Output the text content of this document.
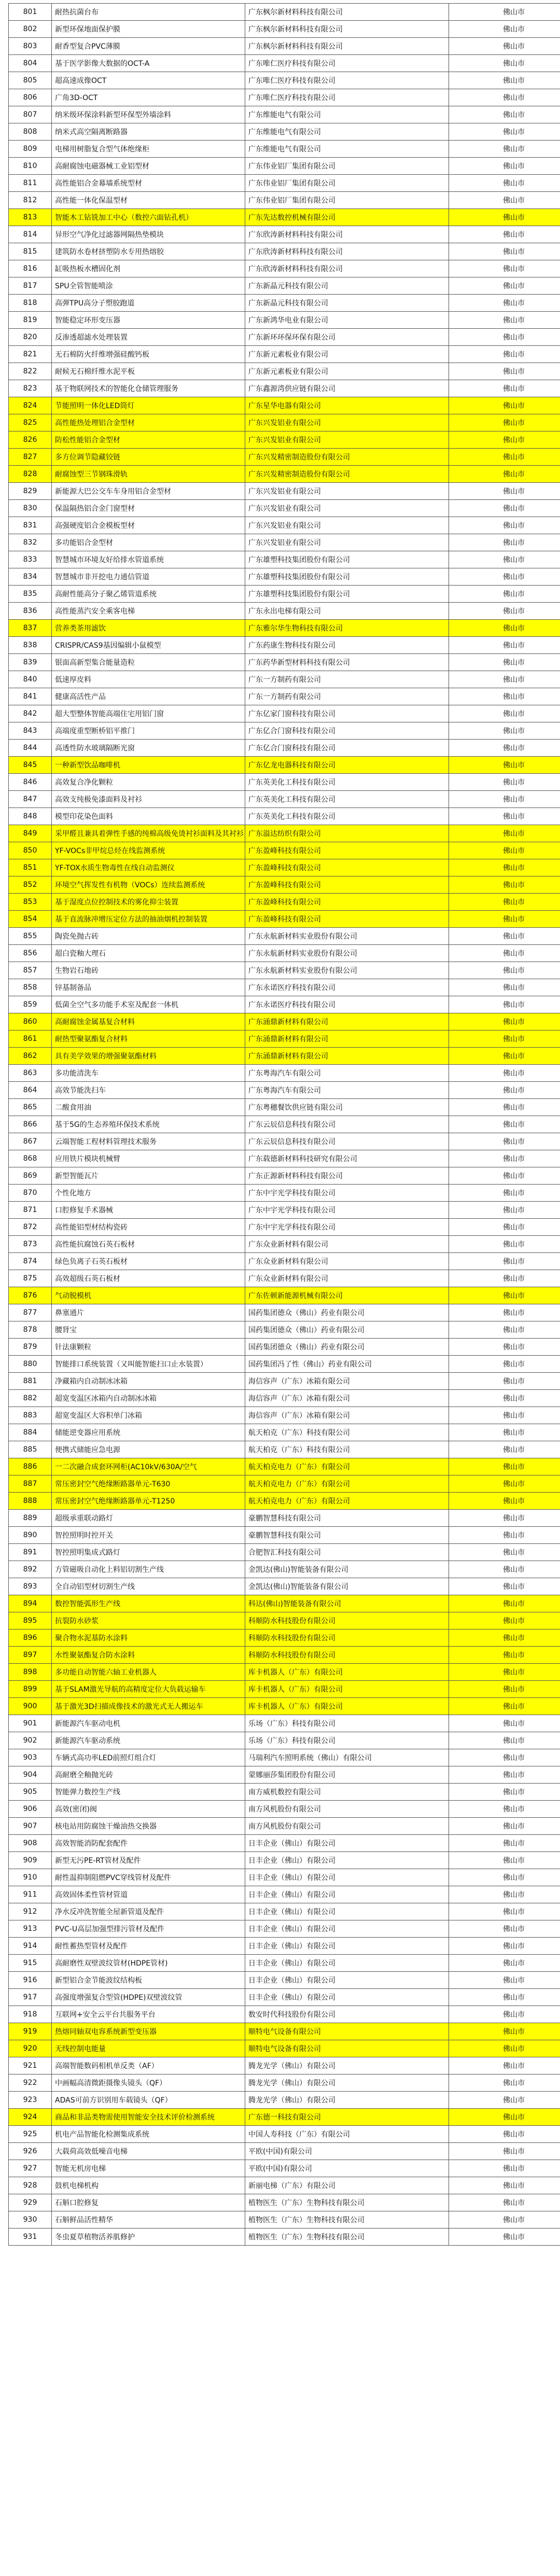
801	耐热抗菌台布	广东枫尔新材料科技有限公司	佛山市
802	新型环保地面保护膜	广东枫尔新材料科技有限公司	佛山市
803	耐香型复合PVC薄膜	广东枫尔新材料科技有限公司	佛山市
804	基于医学影像大数据的OCT-A	广东唯仁医疗科技有限公司	佛山市
805	超高速成像OCT	广东唯仁医疗科技有限公司	佛山市
806	广角3D-OCT	广东唯仁医疗科技有限公司	佛山市
807	纳米级环保涂料新型环保型外墙涂料	广东维能电气有限公司	佛山市
808	纳米式高空隔离断路器	广东维能电气有限公司	佛山市
809	电梯用树脂复合型气体绝缘柜	广东维能电气有限公司	佛山市
810	高耐腐蚀电磁器械工业铝型材	广东伟业铝厂集团有限公司	佛山市
811	高性能铝合金幕墙系统型材	广东伟业铝厂集团有限公司	佛山市
812	高性能一体化保温型材	广东伟业铝厂集团有限公司	佛山市
813	智能木工钻铣加工中心（数控六面钻孔机）	广东先达数控机械有限公司	佛山市
814	异形空气净化过滤器网隔热垫模块	广东欣涛新材料科技有限公司	佛山市
815	建筑防水卷材挤塑防水专用热熔胶	广东欣涛新材料科技有限公司	佛山市
816	缸吸热板水槽固化剂	广东欣涛新材料科技有限公司	佛山市
817	SPU全管智能喷涂	广东新晶元科技有限公司	佛山市
818	高弹TPU高分子塑胶跑道	广东新晶元科技有限公司	佛山市
819	智能稳定环形变压器	广东新鸿华电业有限公司	佛山市
820	反渗透超滤水处理装置	广东新环环保环保有限公司	佛山市
821	无石棉防火纤维增强硅酸钙板	广东新元素板业有限公司	佛山市
822	耐候无石棉纤维水泥平板	广东新元素板业有限公司	佛山市
823	基于物联网技术的智能化仓储管理服务	广东鑫源湾供应链有限公司	佛山市
824	节能照明一体化LED筒灯	广东星华电器有限公司	佛山市
825	高性能热处理铝合金型材	广东兴发铝业有限公司	佛山市
826	防松性能铝合金型材	广东兴发铝业有限公司	佛山市
827	多方位调节隐藏铰链	广东兴发精密制造股份有限公司	佛山市
828	耐腐蚀型三节钢珠滑轨	广东兴发精密制造股份有限公司	佛山市
829	新能源大巴公交车车身用铝合金型材	广东兴发铝业有限公司	佛山市
830	保温隔热铝合金门窗型材	广东兴发铝业有限公司	佛山市
831	高强硬度铝合金模板型材	广东兴发铝业有限公司	佛山市
832	多功能铝合金型材	广东兴发铝业有限公司	佛山市
833	智慧城市环境友好给排水管道系统	广东雄塑科技集团股份有限公司	佛山市
834	智慧城市非开挖电力通信管道	广东雄塑科技集团股份有限公司	佛山市
835	高耐性能高分子聚乙烯管道系统	广东雄塑科技集团股份有限公司	佛山市
836	高性能蒸汽安全乘客电梯	广东永出电梯有限公司	佛山市
837	营养类茶用滤饮	广东雅尔华生物科技有限公司	佛山市
838	CRISPR/CAS9基因编辑小鼠模型	广东药康生物科技有限公司	佛山市
839	银面高新型集合能量造粒	广东药华新型材料科技有限公司	佛山市
840	低速厚皮料	广东一方制药有限公司	佛山市
841	健康高活性产品	广东一方制药有限公司	佛山市
842	超大型整体智能高端住宅用铝门窗	广东亿家门窗科技有限公司	佛山市
843	高端度重型断桥铝平推门	广东亿合门窗科技有限公司	佛山市
844	高透性防水玻璃隔断光窗	广东亿合门窗科技有限公司	佛山市
845	一种新型饮品咖啡机	广东亿龙电器科技有限公司	佛山市
846	高效复合净化颗粒	广东英美化工科技有限公司	佛山市
847	高效支纯极免漆面料及衬衫	广东英美化工科技有限公司	佛山市
848	模型印花染色面料	广东英美化工科技有限公司	佛山市
849	采甲醛且兼具着弹性手感的纯棉高级免烫衬衫面料及其衬衫	广东溢达纺织有限公司	佛山市
850	YF-VOCs非甲烷总烃在线监测系统	广东盈峰科技有限公司	佛山市
851	YF-TOX水质生物毒性在线自动监测仪	广东盈峰科技有限公司	佛山市
852	环境空气挥发性有机物（VOCs）连续监测系统	广东盈峰科技有限公司	佛山市
853	基于湿度点位控制技术的雾化抑尘装置	广东盈峰科技有限公司	佛山市
854	基于直流脉冲增压定位方法的抽油烟机控制装置	广东盈峰科技有限公司	佛山市
855	陶瓷免抛古砖	广东永航新材料实业股份有限公司	佛山市
856	超白瓷釉大理石	广东永航新材料实业股份有限公司	佛山市
857	生物岩石地砖	广东永航新材料实业股份有限公司	佛山市
858	锌基制备品	广东永诺医疗科技有限公司	佛山市
859	低菌全空气多功能手术室及配套一体机	广东永诺医疗科技有限公司	佛山市
860	高耐腐蚀金属基复合材料	广东涌鼎新材料有限公司	佛山市
861	耐热型聚氨酯复合材料	广东涌鼎新材料有限公司	佛山市
862	具有美学效果的增强聚氨酯材料	广东涌鼎新材料有限公司	佛山市
863	多功能清洗车	广东粤海汽车有限公司	佛山市
864	高效节能洗扫车	广东粤海汽车有限公司	佛山市
865	二酸食用油	广东粤穗餐饮供应链有限公司	佛山市
866	基于5G的生态养殖环保技术系统	广东云辰信息科技有限公司	佛山市
867	云端智能工程材料管理技术服务	广东云辰信息科技有限公司	佛山市
868	应用铁片模块机械臂	广东载德新材料科技研究有限公司	佛山市
869	新型智能瓦片	广东正源新材料科技有限公司	佛山市
870	个性化地方	广东中宇光学科技有限公司	佛山市
871	口腔修复手术器械	广东中宇光学科技有限公司	佛山市
872	高性能铝型材结构瓷砖	广东中宇光学科技有限公司	佛山市
873	高性能抗腐蚀石英石板材	广东众业新材料有限公司	佛山市
874	绿色负离子石英石板材	广东众业新材料有限公司	佛山市
875	高效超级石英石板材	广东众业新材料有限公司	佛山市
876	气动脱模机	广东佐顿新能源机械有限公司	佛山市
877	鼻塞通片	国药集团德众（佛山）药业有限公司	佛山市
878	腰肾宝	国药集团德众（佛山）药业有限公司	佛山市
879	针法康颗粒	国药集团德众（佛山）药业有限公司	佛山市
880	智能排口系统装置（又叫能智能扫口止水装置）	国药集团冯了性（佛山）药业有限公司	佛山市
881	净藏箱内自动制冰冰箱	海信容声（广东）冰箱有限公司	佛山市
882	超宽变温区冰箱内自动制冰冰箱	海信容声（广东）冰箱有限公司	佛山市
883	超宽变温区大容积单门冰箱	海信容声（广东）冰箱有限公司	佛山市
884	储能逆变器应用系统	航天柏克（广东）科技有限公司	佛山市
885	便携式储能应急电源	航天柏克（广东）科技有限公司	佛山市
886	一二次融合成套环网柜(AC10kV/630A/空气	航天柏克电力（广东）有限公司	佛山市
887	常压密封空气绝缘断路器单元-T630	航天柏克电力（广东）有限公司	佛山市
888	常压密封空气绝缘断路器单元-T1250	航天柏克电力（广东）有限公司	佛山市
889	超级承重联动路灯	豪鹏智慧科技有限公司	佛山市
890	智控照明时控开关	豪鹏智慧科技有限公司	佛山市
891	智控照明集成式路灯	合肥智汇科技有限公司	佛山市
892	方管磁吸自动化上料铝切割生产线	金凯达(佛山)智能装备有限公司	佛山市
893	全自动铝型材切割生产线	金凯达(佛山)智能装备有限公司	佛山市
894	数控智能弧形生产线	科达(佛山)智能装备有限公司	佛山市
895	抗裂防水砂浆	科顺防水科技股份有限公司	佛山市
896	聚合物水泥基防水涂料	科顺防水科技股份有限公司	佛山市
897	水性聚氨酯复合防水涂料	科顺防水科技股份有限公司	佛山市
898	多功能自动智能六轴工业机器人	库卡机器人（广东）有限公司	佛山市
899	基于SLAM激光导航的高精度定位大负载运输车	库卡机器人（广东）有限公司	佛山市
900	基于激光3D扫描成像技术的激光式无人搬运车	库卡机器人（广东）有限公司	佛山市
901	新能源汽车驱动电机	乐场（广东）科技有限公司	佛山市
902	新能源汽车驱动系统	乐场（广东）科技有限公司	佛山市
903	车辆式高功率LED前照灯组合灯	马瑞利汽车照明系统（佛山）有限公司	佛山市
904	高耐磨全釉抛光砖	蒙娜丽莎集团股份有限公司	佛山市
905	智能弹力数控生产线	南方威机数控有限公司	佛山市
906	高效(密闭)阀	南方风机股份有限公司	佛山市
907	核电站用防腐蚀干燥油热交换器	南方风机股份有限公司	佛山市
908	高效智能消防配套配件	日丰企业（佛山）有限公司	佛山市
909	新型无污PE-RT管材及配件	日丰企业（佛山）有限公司	佛山市
910	耐性温抑制阻燃PVC穿线管材及配件	日丰企业（佛山）有限公司	佛山市
911	高效固体柔性管材管道	日丰企业（佛山）有限公司	佛山市
912	净水反冲洗智能全屋新管道及配件	日丰企业（佛山）有限公司	佛山市
913	PVC-U高层加强型排污管材及配件	日丰企业（佛山）有限公司	佛山市
914	耐性蓄热型管材及配件	日丰企业（佛山）有限公司	佛山市
915	高耐磨性双壁波纹管材(HDPE管材)	日丰企业（佛山）有限公司	佛山市
916	新型铝合金节能波纹结构板	日丰企业（佛山）有限公司	佛山市
917	高强度增强复合型管(HDPE)双壁波纹管	日丰企业（佛山）有限公司	佛山市
918	互联网+安全云平台共服务平台	数安时代科技股份有限公司	佛山市
919	热熔同轴双电容系统新型变压器	顺特电气设备有限公司	佛山市
920	无线控制电能量	顺特电气设备有限公司	佛山市
921	高端智能数码相机单反类（AF）	腾龙光学（佛山）有限公司	佛山市
922	中画幅高清微距摄像头镜头（QF）	腾龙光学（佛山）有限公司	佛山市
923	ADAS可前方识别用车载镜头（QF）	腾龙光学（佛山）有限公司	佛山市
924	商品和非品类物需使用智能安全技术评价检测系统	广东德一科技有限公司	佛山市
925	机电产品智能化检测集成系统	中国人寿科技（广东）有限公司	佛山市
926	大载荷高效低噪音电梯	平欧(中国)有限公司	佛山市
927	智能无机房电梯	平欧(中国)有限公司	佛山市
928	鼓机电梯机构	新丽电梯（广东）有限公司	佛山市
929	石斛口腔修复	植物医生（广东）生物科技有限公司	佛山市
930	石斛鲜品活性精华	植物医生（广东）生物科技有限公司	佛山市
931	冬虫夏草植物活养肌修护	植物医生（广东）生物科技有限公司	佛山市
